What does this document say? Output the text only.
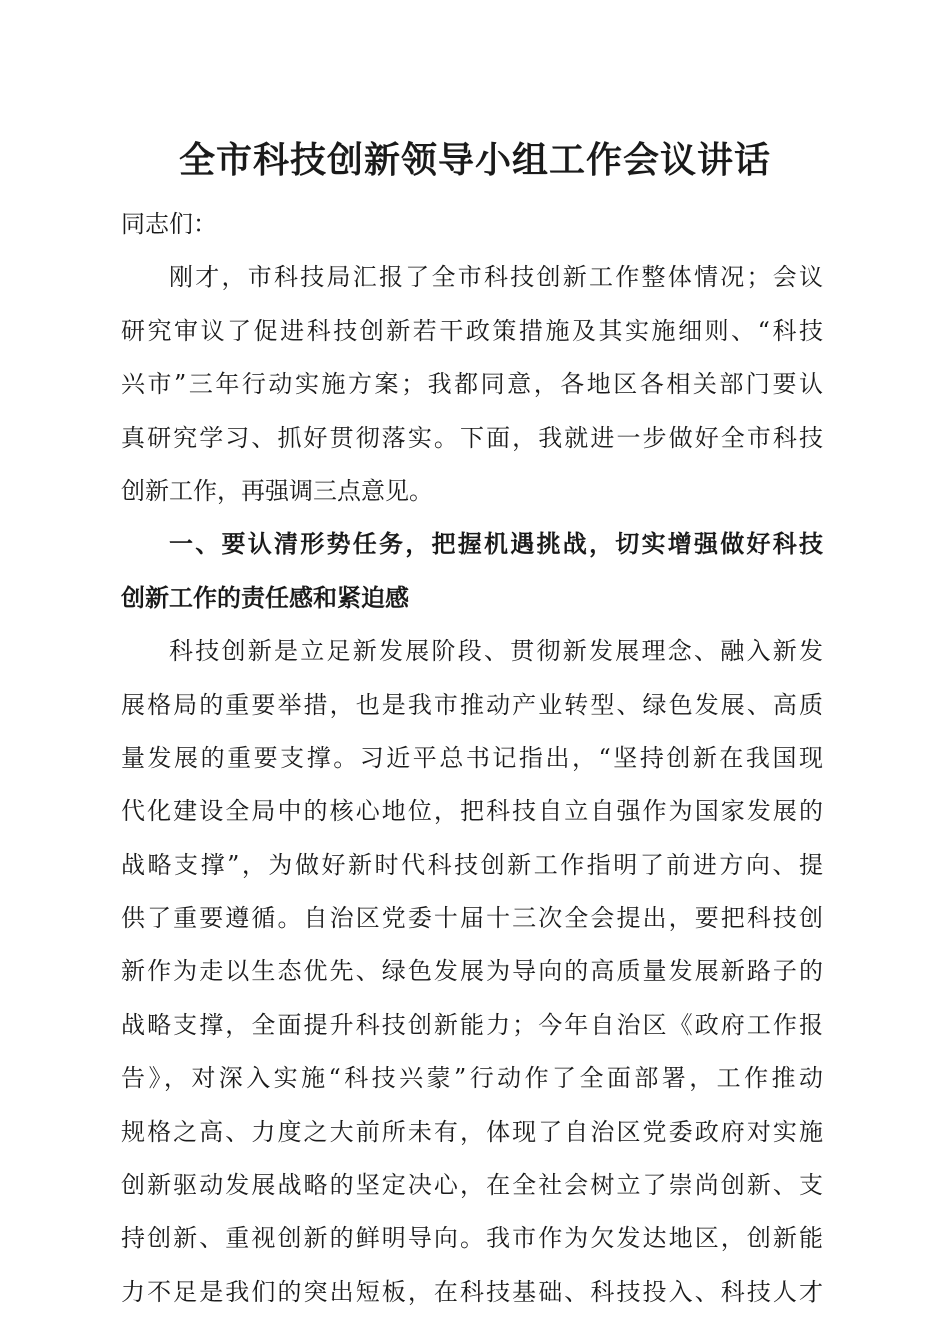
全市科技创新领导小组工作会议讲话
同志们：
刚才，市科技局汇报了全市科技创新工作整体情况；会议
研究审议了促进科技创新若干政策措施及其实施细则、“科技
兴市”三年行动实施方案；我都同意，各地区各相关部门要认
真研究学习、抓好贯彻落实。下面，我就进一步做好全市科技
创新工作，再强调三点意见。
一、要认清形势任务，把握机遇挑战，切实增强做好科技
创新工作的责任感和紧迫感
科技创新是立足新发展阶段、贯彻新发展理念、融入新发
展格局的重要举措，也是我市推动产业转型、绿色发展、高质
量发展的重要支撑。习近平总书记指出，“坚持创新在我国现
代化建设全局中的核心地位，把科技自立自强作为国家发展的
战略支撑”，为做好新时代科技创新工作指明了前进方向、提
供了重要遵循。自治区党委十届十三次全会提出，要把科技创
新作为走以生态优先、绿色发展为导向的高质量发展新路子的
战略支撑，全面提升科技创新能力；今年自治区《政府工作报
告》，对深入实施“科技兴蒙”行动作了全面部署，工作推动
规格之高、力度之大前所未有，体现了自治区党委政府对实施
创新驱动发展战略的坚定决心，在全社会树立了崇尚创新、支
持创新、重视创新的鲜明导向。我市作为欠发达地区，创新能
力不足是我们的突出短板，在科技基础、科技投入、科技人才
